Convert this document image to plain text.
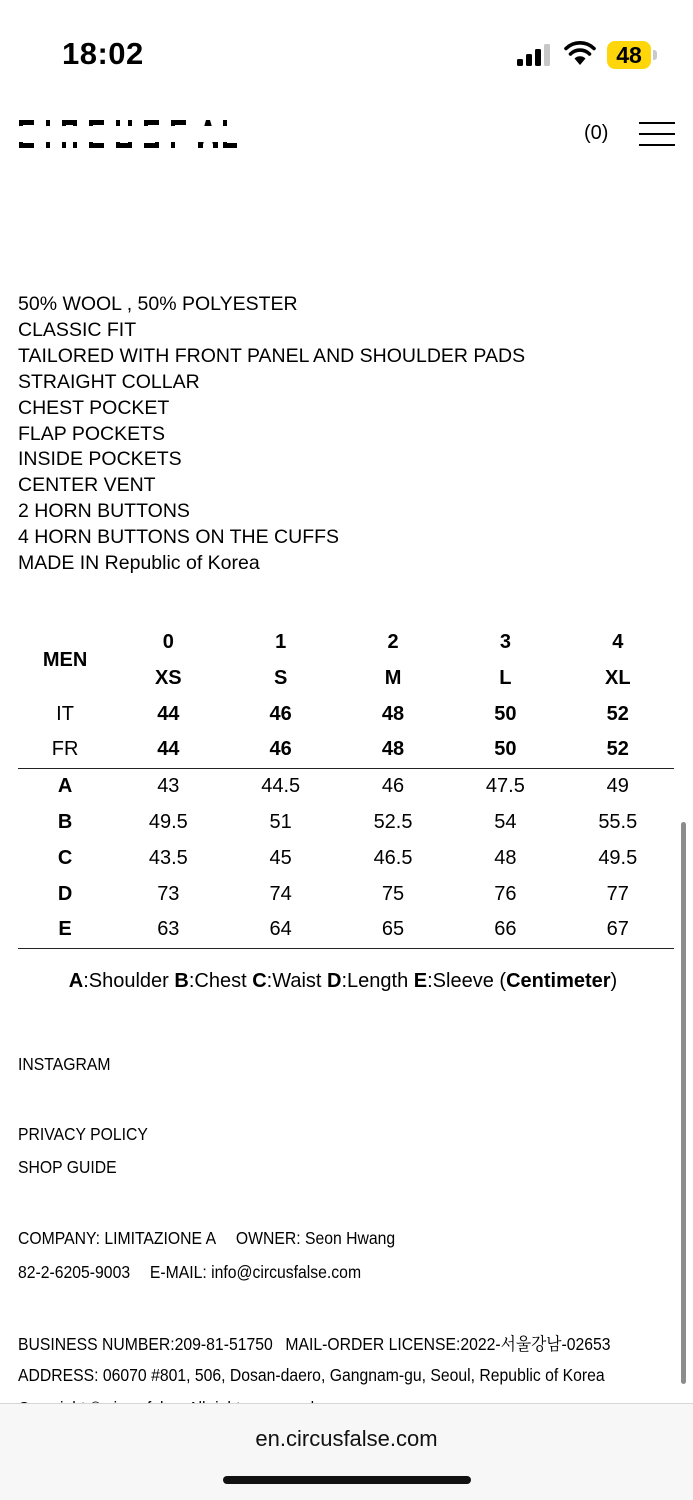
18:02	48
(0)
50% WOOL , 50% POLYESTER
CLASSIC FIT
TAILORED WITH FRONT PANEL AND SHOULDER PADS
STRAIGHT COLLAR
CHEST POCKET
FLAP POCKETS
INSIDE POCKETS
CENTER VENT
2 HORN BUTTONS
4 HORN BUTTONS ON THE CUFFS
MADE IN Republic of Korea
MEN	0	1	2	3	4
	XS	S	M	L	XL
IT	44	46	48	50	52
FR	44	46	48	50	52
A	43	44.5	46	47.5	49
B	49.5	51	52.5	54	55.5
C	43.5	45	46.5	48	49.5
D	73	74	75	76	77
E	63	64	65	66	67
A:Shoulder B:Chest C:Waist D:Length E:Sleeve (Centimeter)
INSTAGRAM
PRIVACY POLICY
SHOP GUIDE
COMPANY: LIMITAZIONE A OWNER: Seon Hwang
82-2-6205-9003 E-MAIL: info@circusfalse.com
BUSINESS NUMBER:209-81-51750 MAIL-ORDER LICENSE:2022-서울강남-02653
ADDRESS: 06070 #801, 506, Dosan-daero, Gangnam-gu, Seoul, Republic of Korea
en.circusfalse.com
